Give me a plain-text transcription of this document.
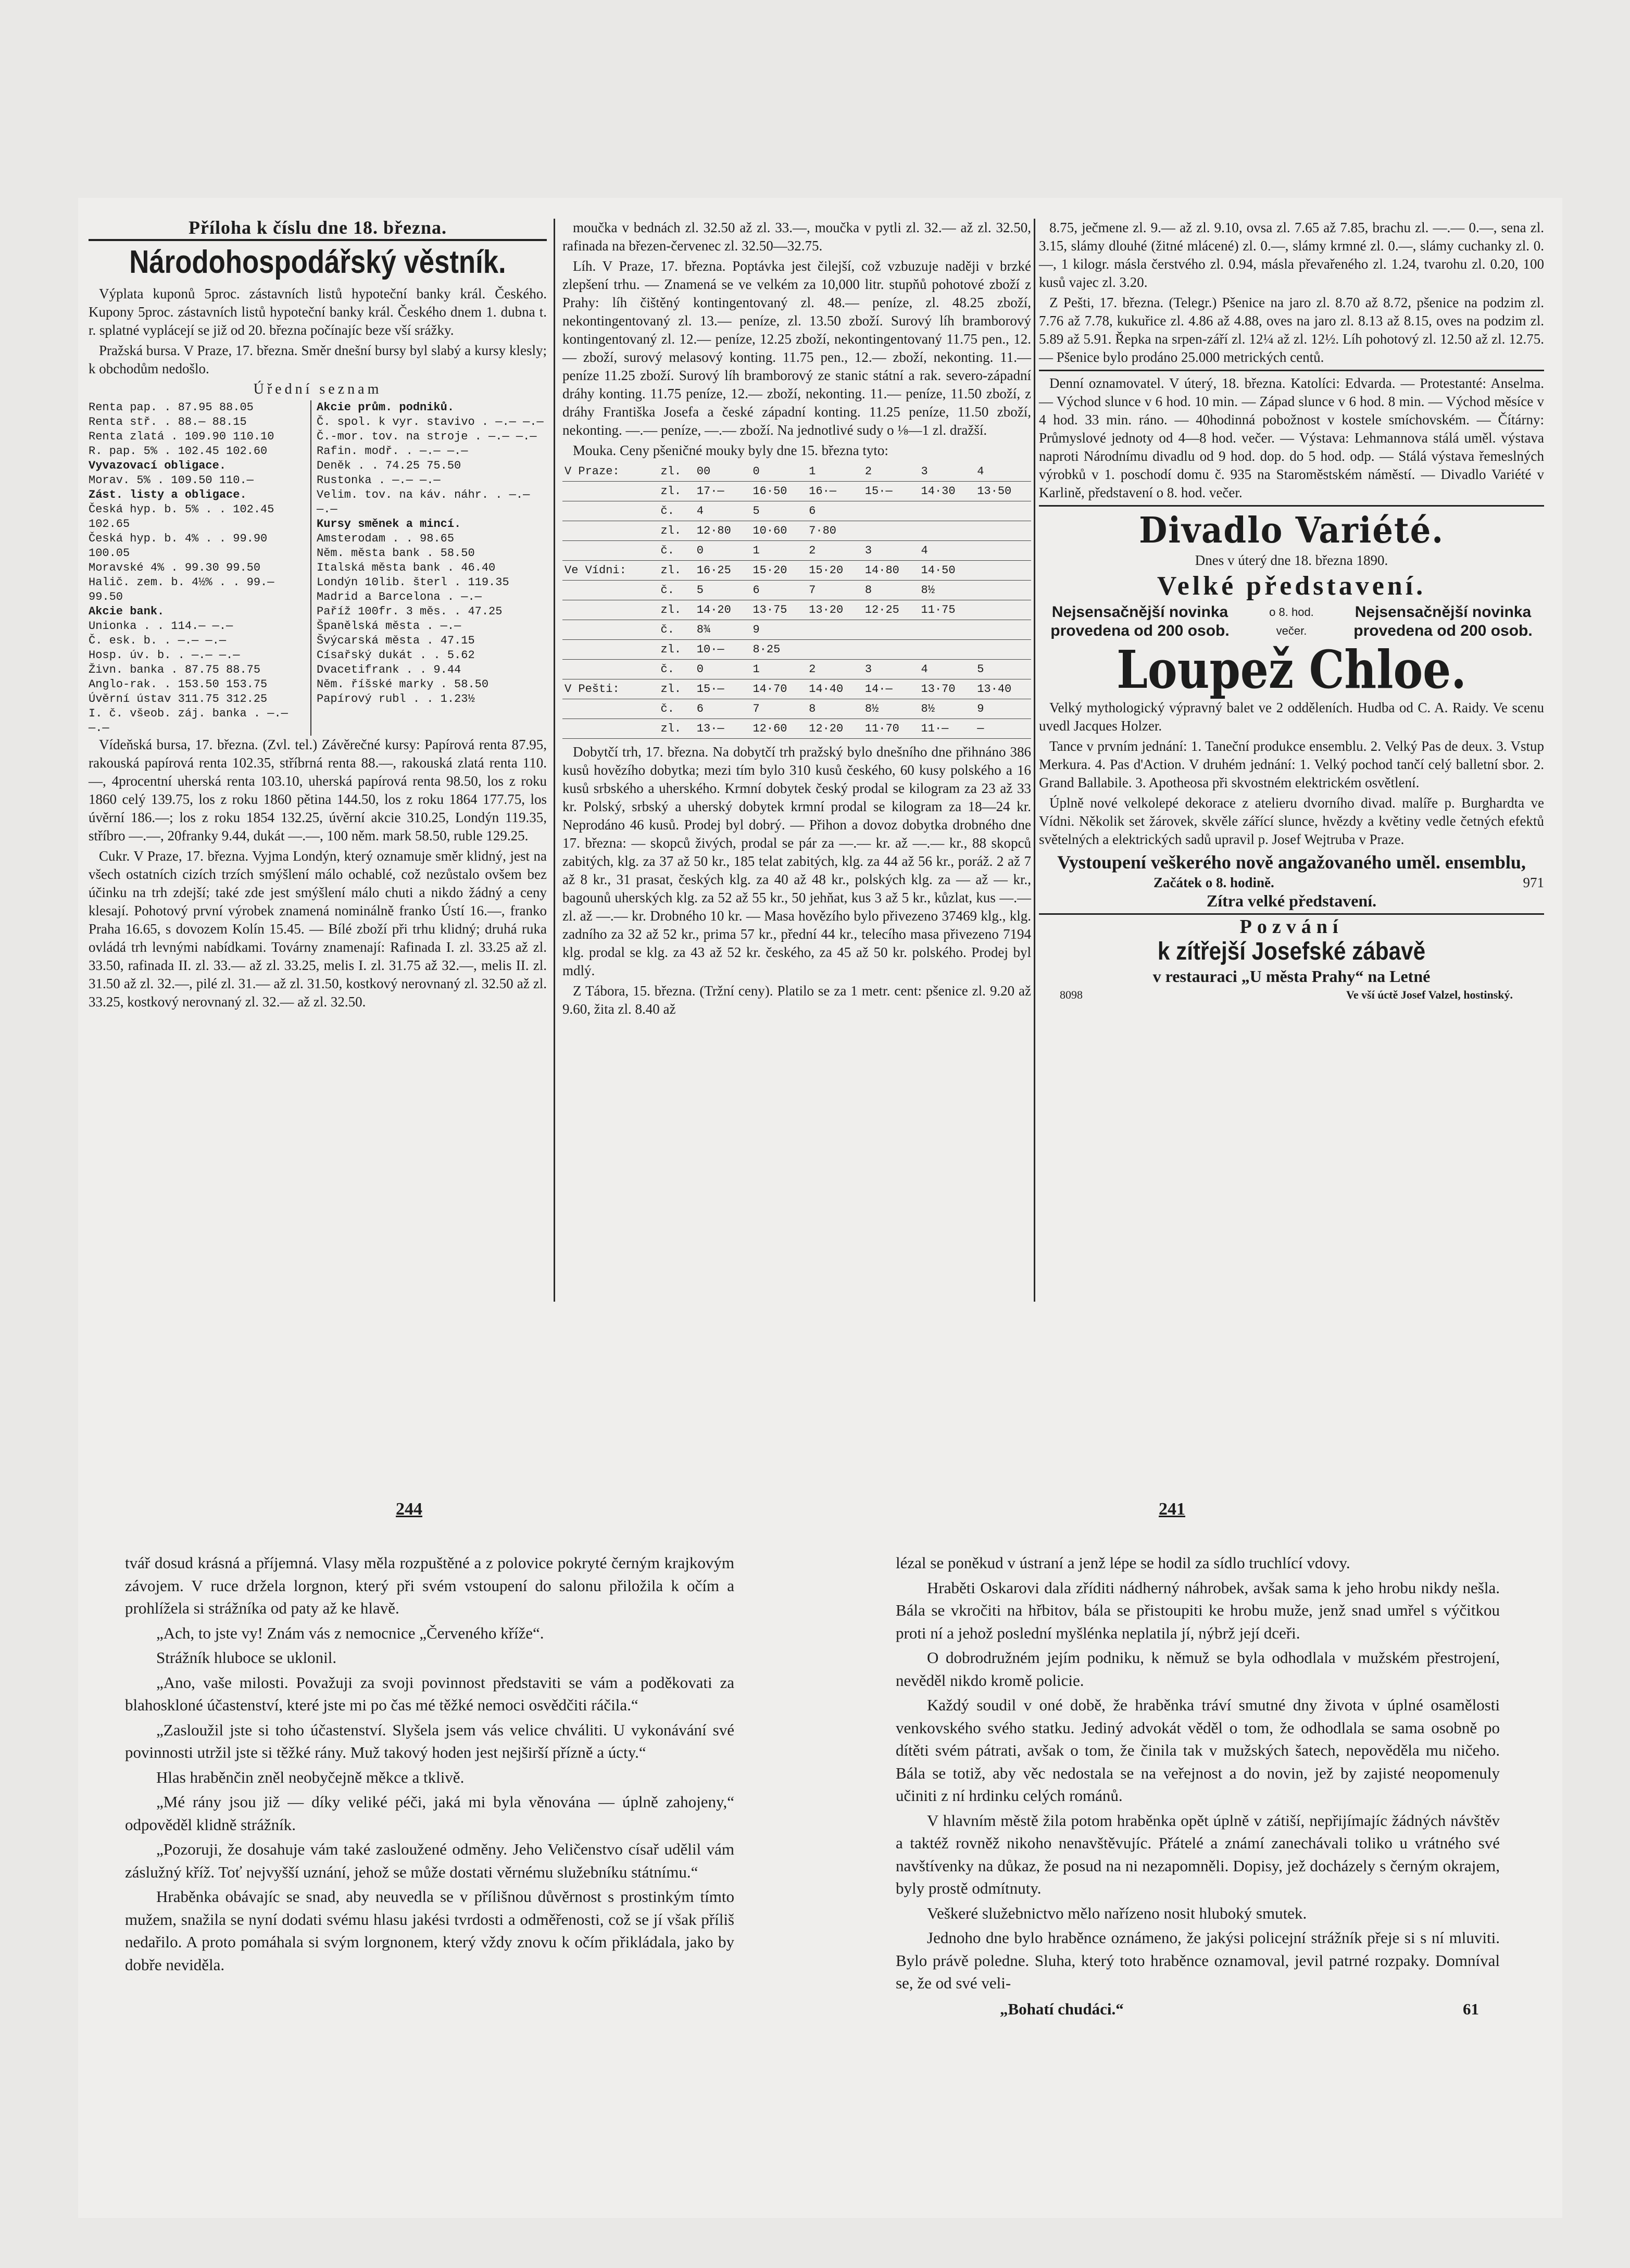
Příloha k číslu dne 18. března.
Národohospodářský věstník.

Výplata kuponů 5proc. zástavních listů hypoteční banky král. Českého. Kupony 5proc. zástavních listů hypoteční banky král. Českého dnem 1. dubna t. r. splatné vyplácejí se již od 20. března počínajíc beze vší srážky.

Pražská bursa. V Praze, 17. března. Směr dnešní bursy byl slabý a kursy klesly; k obchodům nedošlo.

Úřední seznam
Renta pap. . 87.95 88.05
Renta stř. . 88.— 88.15
Renta zlatá . 109.90 110.10
R. pap. 5% . 102.45 102.60
Vyvazovací obligace.
Morav. 5% . 109.50 110.—
Zást. listy a obligace.
Česká hyp. b. 5% . . 102.45 102.65
Česká hyp. b. 4% . . 99.90 100.05
Moravské 4% . 99.30 99.50
Halič. zem. b. 4½% . . 99.— 99.50
Akcie bank.
Unionka . . 114.— —.—
Č. esk. b. . —.— —.—
Hosp. úv. b. . —.— —.—
Živn. banka . 87.75 88.75
Anglo-rak. . 153.50 153.75
Úvěrní ústav 311.75 312.25
I. č. všeob. záj. banka . —.— —.—
Akcie prům. podniků.
Č. spol. k vyr. stavivo . —.— —.—
Č.-mor. tov. na stroje . —.— —.—
Rafin. modř. . —.— —.—
Deněk . . 74.25 75.50
Rustonka . —.— —.—
Velim. tov. na káv. náhr. . —.— —.—
Kursy směnek a mincí.
Amsterodam . . 98.65
Něm. města bank . 58.50
Italská města bank . 46.40
Londýn 10lib. šterl . 119.35
Madrid a Barcelona . —.—
Paříž 100fr. 3 měs. . 47.25
Španělská města . —.—
Švýcarská města . 47.15
Císařský dukát . . 5.62
Dvacetifrank . . 9.44
Něm. říšské marky . 58.50
Papírový rubl . . 1.23½

Vídeňská bursa, 17. března. (Zvl. tel.) Závěrečné kursy: Papírová renta 87.95, rakouská papírová renta 102.35, stříbrná renta 88.—, rakouská zlatá renta 110.—, 4procentní uherská renta 103.10, uherská papírová renta 98.50, los z roku 1860 celý 139.75, los z roku 1860 pětina 144.50, los z roku 1864 177.75, los úvěrní 186.—; los z roku 1854 132.25, úvěrní akcie 310.25, Londýn 119.35, stříbro —.—, 20franky 9.44, dukát —.—, 100 něm. mark 58.50, ruble 129.25.

Cukr. V Praze, 17. března. Vyjma Londýn, který oznamuje směr klidný, jest na všech ostatních cizích trzích smýšlení málo ochablé, což nezůstalo ovšem bez účinku na trh zdejší; také zde jest smýšlení málo chuti a nikdo žádný a ceny klesají. Pohotový první výrobek znamená nominálně franko Ústí 16.—, franko Praha 16.65, s dovozem Kolín 15.45. — Bílé zboží při trhu klidný; druhá ruka ovládá trh levnými nabídkami. Továrny znamenají: Rafinada I. zl. 33.25 až zl. 33.50, rafinada II. zl. 33.— až zl. 33.25, melis I. zl. 31.75 až 32.—, melis II. zl. 31.50 až zl. 32.—, pilé zl. 31.— až zl. 31.50, kostkový nerovnaný zl. 32.50 až zl. 33.25, kostkový nerovnaný zl. 32.— až zl. 32.50.

moučka v bednách zl. 32.50 až zl. 33.—, moučka v pytli zl. 32.— až zl. 32.50, rafinada na březen-červenec zl. 32.50—32.75.

Líh. V Praze, 17. března. Poptávka jest čilejší, což vzbuzuje naději v brzké zlepšení trhu. — Znamená se ve velkém za 10,000 litr. stupňů pohotové zboží z Prahy: líh čištěný kontingentovaný zl. 48.— peníze, zl. 48.25 zboží, nekontingentovaný zl. 13.— peníze, zl. 13.50 zboží. Surový líh bramborový kontingentovaný zl. 12.— peníze, 12.25 zboží, nekontingentovaný 11.75 pen., 12.— zboží, surový melasový konting. 11.75 pen., 12.— zboží, nekonting. 11.— peníze 11.25 zboží. Surový líh bramborový ze stanic státní a rak. severo-západní dráhy konting. 11.75 peníze, 12.— zboží, nekonting. 11.— peníze, 11.50 zboží, z dráhy Františka Josefa a české západní konting. 11.25 peníze, 11.50 zboží, nekonting. —.— peníze, —.— zboží. Na jednotlivé sudy o ⅛—1 zl. dražší.

Mouka. Ceny pšeničné mouky byly dne 15. března tyto:

V Praze:	zl.	00	0	1	2	3	4
	zl.	17·—	16·50	16·—	15·—	14·30	13·50
	č.	4	5	6			
	zl.	12·80	10·60	7·80			
	č.	0	1	2	3	4	
Ve Vídni:	zl.	16·25	15·20	15·20	14·80	14·50	
	č.	5	6	7	8	8½	
	zl.	14·20	13·75	13·20	12·25	11·75	
	č.	8¾	9				
	zl.	10·—	8·25				
	č.	0	1	2	3	4	5
V Pešti:	zl.	15·—	14·70	14·40	14·—	13·70	13·40
	č.	6	7	8	8½	8½	9
	zl.	13·—	12·60	12·20	11·70	11·—	—

Dobytčí trh, 17. března. Na dobytčí trh pražský bylo dnešního dne přihnáno 386 kusů hovězího dobytka; mezi tím bylo 310 kusů českého, 60 kusy polského a 16 kusů srbského a uherského. Krmní dobytek český prodal se kilogram za 23 až 33 kr. Polský, srbský a uherský dobytek krmní prodal se kilogram za 18—24 kr. Neprodáno 46 kusů. Prodej byl dobrý. — Přihon a dovoz dobytka drobného dne 17. března: — skopců živých, prodal se pár za —.— kr. až —.— kr., 88 skopců zabitých, klg. za 37 až 50 kr., 185 telat zabitých, klg. za 44 až 56 kr., poráž. 2 až 7 až 8 kr., 31 prasat, českých klg. za 40 až 48 kr., polských klg. za — až — kr., bagounů uherských klg. za 52 až 55 kr., 50 jehňat, kus 3 až 5 kr., kůzlat, kus —.— zl. až —.— kr. Drobného 10 kr. — Masa hovězího bylo přivezeno 37469 klg., klg. zadního za 32 až 52 kr., prima 57 kr., přední 44 kr., telecího masa přivezeno 7194 klg. prodal se klg. za 43 až 52 kr. českého, za 45 až 50 kr. polského. Prodej byl mdlý.

Z Tábora, 15. března. (Tržní ceny). Platilo se za 1 metr. cent: pšenice zl. 9.20 až 9.60, žita zl. 8.40 až

8.75, ječmene zl. 9.— až zl. 9.10, ovsa zl. 7.65 až 7.85, brachu zl. —.— 0.—, sena zl. 3.15, slámy dlouhé (žitné mlácené) zl. 0.—, slámy krmné zl. 0.—, slámy cuchanky zl. 0.—, 1 kilogr. másla čerstvého zl. 0.94, másla převařeného zl. 1.24, tvarohu zl. 0.20, 100 kusů vajec zl. 3.20.

Z Pešti, 17. března. (Telegr.) Pšenice na jaro zl. 8.70 až 8.72, pšenice na podzim zl. 7.76 až 7.78, kukuřice zl. 4.86 až 4.88, oves na jaro zl. 8.13 až 8.15, oves na podzim zl. 5.89 až 5.91. Řepka na srpen-září zl. 12¼ až zl. 12½. Líh pohotový zl. 12.50 až zl. 12.75. — Pšenice bylo prodáno 25.000 metrických centů.

Denní oznamovatel. V úterý, 18. března. Katolíci: Edvarda. — Protestanté: Anselma. — Východ slunce v 6 hod. 10 min. — Západ slunce v 6 hod. 8 min. — Východ měsíce v 4 hod. 33 min. ráno. — 40hodinná pobožnost v kostele smíchovském. — Čítárny: Průmyslové jednoty od 4—8 hod. večer. — Výstava: Lehmannova stálá uměl. výstava naproti Národnímu divadlu od 9 hod. dop. do 5 hod. odp. — Stálá výstava řemeslných výrobků v 1. poschodí domu č. 935 na Staroměstském náměstí. — Divadlo Variété v Karlině, představení o 8. hod. večer.

Divadlo Variété.
Dnes v úterý dne 18. března 1890.
Velké představení.
Nejsensačnější novinka provedena od 200 osob.
o 8. hod. večer.
Nejsensačnější novinka provedena od 200 osob.
Loupež Chloe.

Velký mythologický výpravný balet ve 2 odděleních. Hudba od C. A. Raidy. Ve scenu uvedl Jacques Holzer.

Tance v prvním jednání: 1. Taneční produkce ensemblu. 2. Velký Pas de deux. 3. Vstup Merkura. 4. Pas d'Action. V druhém jednání: 1. Velký pochod tančí celý balletní sbor. 2. Grand Ballabile. 3. Apotheosa při skvostném elektrickém osvětlení.

Úplně nové velkolepé dekorace z atelieru dvorního divad. malíře p. Burghardta ve Vídni. Několik set žárovek, skvěle zářící slunce, hvězdy a květiny vedle četných efektů světelných a elektrických sadů upravil p. Josef Wejtruba v Praze.

Vystoupení veškerého nově angažovaného uměl. ensemblu,
Začátek o 8. hodině.	971
Zítra velké představení.
Pozvání
k zítřejší Josefské zábavě
v restauraci „U města Prahy“ na Letné
8098	Ve vší úctě Josef Valzel, hostinský.
244	241

tvář dosud krásná a příjemná. Vlasy měla rozpuštěné a z polovice pokryté černým krajkovým závojem. V ruce držela lorgnon, který při svém vstoupení do salonu přiložila k očím a prohlížela si strážníka od paty až ke hlavě.

„Ach, to jste vy! Znám vás z nemocnice „Červeného kříže“.

Strážník hluboce se uklonil.

„Ano, vaše milosti. Považuji za svoji povinnost představiti se vám a poděkovati za blahoskloné účastenství, které jste mi po čas mé těžké nemoci osvědčiti ráčila.“

„Zasloužil jste si toho účastenství. Slyšela jsem vás velice chváliti. U vykonávání své povinnosti utržil jste si těžké rány. Muž takový hoden jest nejširší přízně a úcty.“

Hlas hraběnčin zněl neobyčejně měkce a tklivě.

„Mé rány jsou již — díky veliké péči, jaká mi byla věnována — úplně zahojeny,“ odpověděl klidně strážník.

„Pozoruji, že dosahuje vám také zasloužené odměny. Jeho Veličenstvo císař udělil vám záslužný kříž. Toť nejvyšší uznání, jehož se může dostati věrnému služebníku státnímu.“

Hraběnka obávajíc se snad, aby neuvedla se v přílišnou důvěrnost s prostinkým tímto mužem, snažila se nyní dodati svému hlasu jakési tvrdosti a odměřenosti, což se jí však příliš nedařilo. A proto pomáhala si svým lorgnonem, který vždy znovu k očím přikládala, jako by dobře neviděla.

lézal se poněkud v ústraní a jenž lépe se hodil za sídlo truchlící vdovy.

Hraběti Oskarovi dala zříditi nádherný náhrobek, avšak sama k jeho hrobu nikdy nešla. Bála se vkročiti na hřbitov, bála se přistoupiti ke hrobu muže, jenž snad umřel s výčitkou proti ní a jehož poslední myšlénka neplatila jí, nýbrž její dceři.

O dobrodružném jejím podniku, k němuž se byla odhodlala v mužském přestrojení, nevěděl nikdo kromě policie.

Každý soudil v oné době, že hraběnka tráví smutné dny života v úplné osamělosti venkovského svého statku. Jediný advokát věděl o tom, že odhodlala se sama osobně po dítěti svém pátrati, avšak o tom, že činila tak v mužských šatech, nepověděla mu ničeho. Bála se totiž, aby věc nedostala se na veřejnost a do novin, jež by zajisté neopomenuly učiniti z ní hrdinku celých románů.

V hlavním městě žila potom hraběnka opět úplně v zátiší, nepřijímajíc žádných návštěv a taktéž rovněž nikoho nenavštěvujíc. Přátelé a známí zanechávali toliko u vrátného své navštívenky na důkaz, že posud na ni nezapomněli. Dopisy, jež docházely s černým okrajem, byly prostě odmítnuty.

Veškeré služebnictvo mělo nařízeno nosit hluboký smutek.

Jednoho dne bylo hraběnce oznámeno, že jakýsi policejní strážník přeje si s ní mluviti. Bylo právě poledne. Sluha, který toto hraběnce oznamoval, jevil patrné rozpaky. Domníval se, že od své veli-

„Bohatí chudáci.“	61
